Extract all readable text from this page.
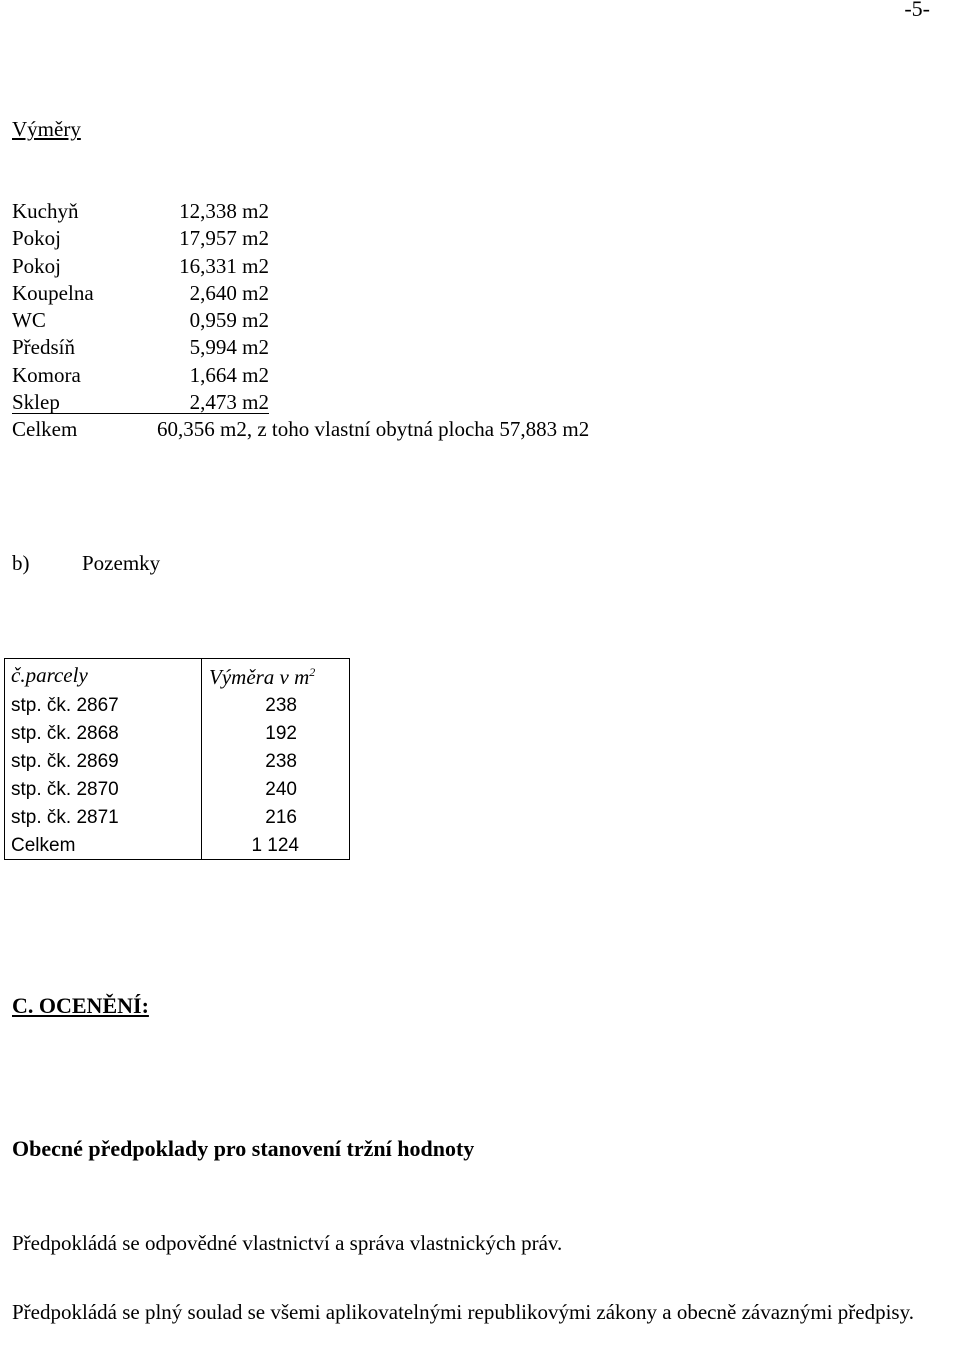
-5-
Výměry
Kuchyň	12,338 m2
Pokoj	17,957 m2
Pokoj	16,331 m2
Koupelna	2,640 m2
WC	0,959 m2
Předsíň	5,994 m2
Komora	1,664 m2
Sklep	2,473 m2
Celkem	60,356 m2, z toho vlastní obytná plocha 57,883 m2
b)	Pozemky
č.parcely	Výměra v $m^2$
stp. čk. 2867	238
stp. čk. 2868	192
stp. čk. 2869	238
stp. čk. 2870	240
stp. čk. 2871	216
Celkem	1 124
C. OCENĚNÍ:
Obecné předpoklady pro stanovení tržní hodnoty
Předpokládá se odpovědné vlastnictví a správa vlastnických práv.
Předpokládá se plný soulad se všemi aplikovatelnými republikovými zákony a obecně závaznými předpisy.
